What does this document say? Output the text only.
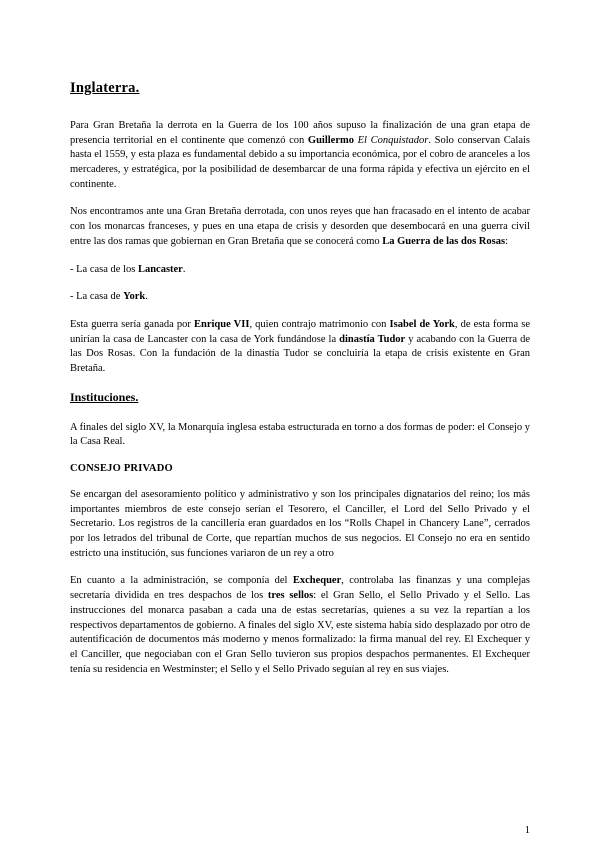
Inglaterra.

Para Gran Bretaña la derrota en la Guerra de los 100 años supuso la finalización de una gran etapa de presencia territorial en el continente que comenzó con Guillermo El Conquistador. Solo conservan Calais hasta el 1559, y esta plaza es fundamental debido a su importancia económica, por el cobro de aranceles a los mercaderes, y estratégica, por la posibilidad de desembarcar de una forma rápida y efectiva un ejército en el continente.

Nos encontramos ante una Gran Bretaña derrotada, con unos reyes que han fracasado en el intento de acabar con los monarcas franceses, y pues en una etapa de crisis y desorden que desembocará en una guerra civil entre las dos ramas que gobiernan en Gran Bretaña que se conocerá como La Guerra de las dos Rosas:

- La casa de los Lancaster.

- La casa de York.

Esta guerra sería ganada por Enrique VII, quien contrajo matrimonio con Isabel de York, de esta forma se unirían la casa de Lancaster con la casa de York fundándose la dinastía Tudor y acabando con la Guerra de las Dos Rosas. Con la fundación de la dinastía Tudor se concluiría la etapa de crisis existente en Gran Bretaña.

Instituciones.

A finales del siglo XV, la Monarquía inglesa estaba estructurada en torno a dos formas de poder: el Consejo y la Casa Real.

CONSEJO PRIVADO

Se encargan del asesoramiento político y administrativo y son los principales dignatarios del reino; los más importantes miembros de este consejo serían el Tesorero, el Canciller, el Lord del Sello Privado y el Secretario. Los registros de la cancillería eran guardados en los “Rolls Chapel in Chancery Lane”, cerrados por los letrados del tribunal de Corte, que repartían muchos de sus negocios. El Consejo no era en sentido estricto una institución, sus funciones variaron de un rey a otro

En cuanto a la administración, se componía del Exchequer, controlaba las finanzas y una complejas secretaría dividida en tres despachos de los tres sellos: el Gran Sello, el Sello Privado y el Sello. Las instrucciones del monarca pasaban a cada una de estas secretarías, quienes a su vez la repartían a los respectivos departamentos de gobierno. A finales del siglo XV, este sistema había sido desplazado por otro de autentificación de documentos más moderno y menos formalizado: la firma manual del rey. El Exchequer y el Canciller, que negociaban con el Gran Sello tuvieron sus propios despachos permanentes. El Exchequer tenía su residencia en Westminster; el Sello y el Sello Privado seguían al rey en sus viajes.

1
